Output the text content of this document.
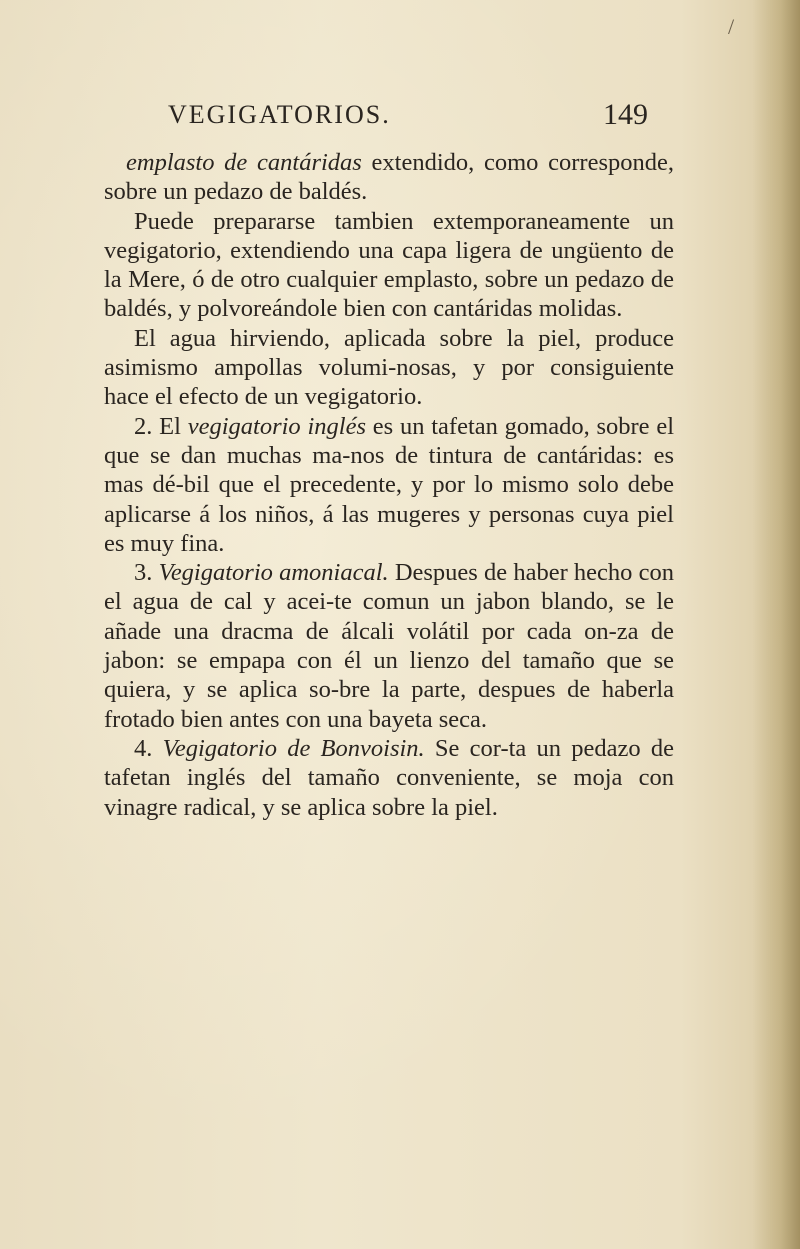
/
VEGIGATORIOS.	149

emplasto de cantáridas extendido, como corresponde, sobre un pedazo de baldés.

Puede prepararse tambien extemporaneamente un vegigatorio, extendiendo una capa ligera de ungüento de la Mere, ó de otro cualquier emplasto, sobre un pedazo de baldés, y polvoreándole bien con cantáridas molidas.

El agua hirviendo, aplicada sobre la piel, produce asimismo ampollas volumi-nosas, y por consiguiente hace el efecto de un vegigatorio.

2. El vegigatorio inglés es un tafetan gomado, sobre el que se dan muchas ma-nos de tintura de cantáridas: es mas dé-bil que el precedente, y por lo mismo solo debe aplicarse á los niños, á las mugeres y personas cuya piel es muy fina.

3. Vegigatorio amoniacal. Despues de haber hecho con el agua de cal y acei-te comun un jabon blando, se le añade una dracma de álcali volátil por cada on-za de jabon: se empapa con él un lienzo del tamaño que se quiera, y se aplica so-bre la parte, despues de haberla frotado bien antes con una bayeta seca.

4. Vegigatorio de Bonvoisin. Se cor-ta un pedazo de tafetan inglés del tamaño conveniente, se moja con vinagre radical, y se aplica sobre la piel.
